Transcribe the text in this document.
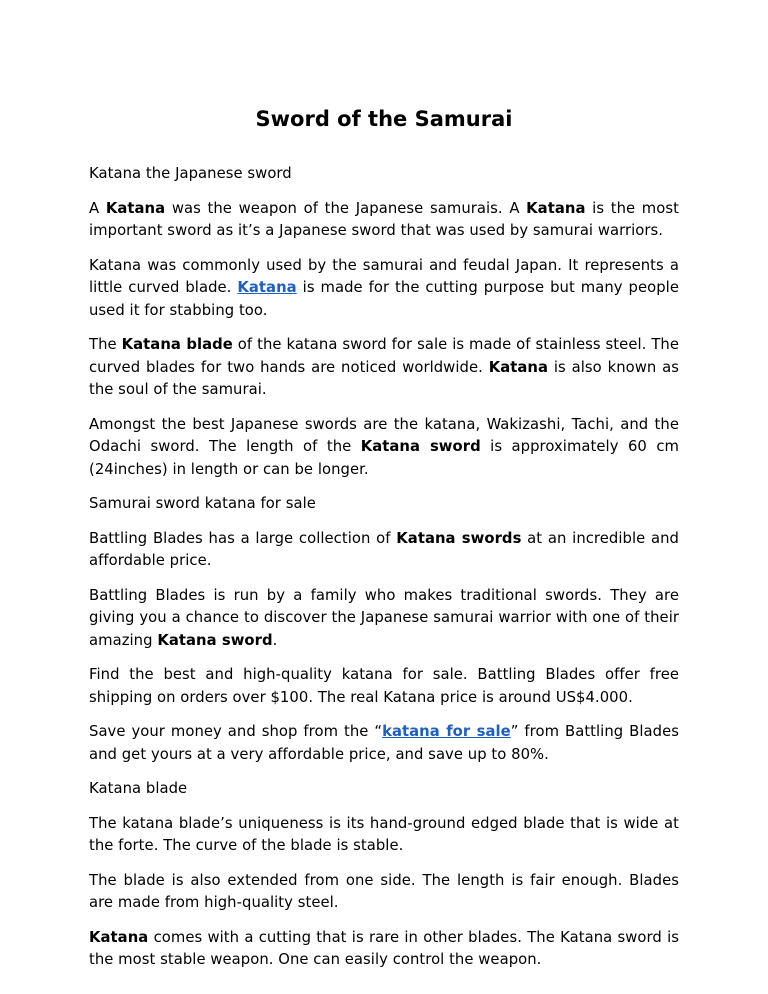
Sword of the Samurai

Katana the Japanese sword

A Katana was the weapon of the Japanese samurais. A Katana is the most important sword as it’s a Japanese sword that was used by samurai warriors.

Katana was commonly used by the samurai and feudal Japan. It represents a little curved blade. Katana is made for the cutting purpose but many people used it for stabbing too.

The Katana blade of the katana sword for sale is made of stainless steel. The curved blades for two hands are noticed worldwide. Katana is also known as the soul of the samurai.

Amongst the best Japanese swords are the katana, Wakizashi, Tachi, and the Odachi sword. The length of the Katana sword is approximately 60 cm (24inches) in length or can be longer.

Samurai sword katana for sale

Battling Blades has a large collection of Katana swords at an incredible and affordable price.

Battling Blades is run by a family who makes traditional swords. They are giving you a chance to discover the Japanese samurai warrior with one of their amazing Katana sword.

Find the best and high-quality katana for sale. Battling Blades offer free shipping on orders over $100. The real Katana price is around US$4.000.

Save your money and shop from the “katana for sale” from Battling Blades and get yours at a very affordable price, and save up to 80%.

Katana blade

The katana blade’s uniqueness is its hand-ground edged blade that is wide at the forte. The curve of the blade is stable.

The blade is also extended from one side. The length is fair enough. Blades are made from high-quality steel.

Katana comes with a cutting that is rare in other blades. The Katana sword is the most stable weapon. One can easily control the weapon.
